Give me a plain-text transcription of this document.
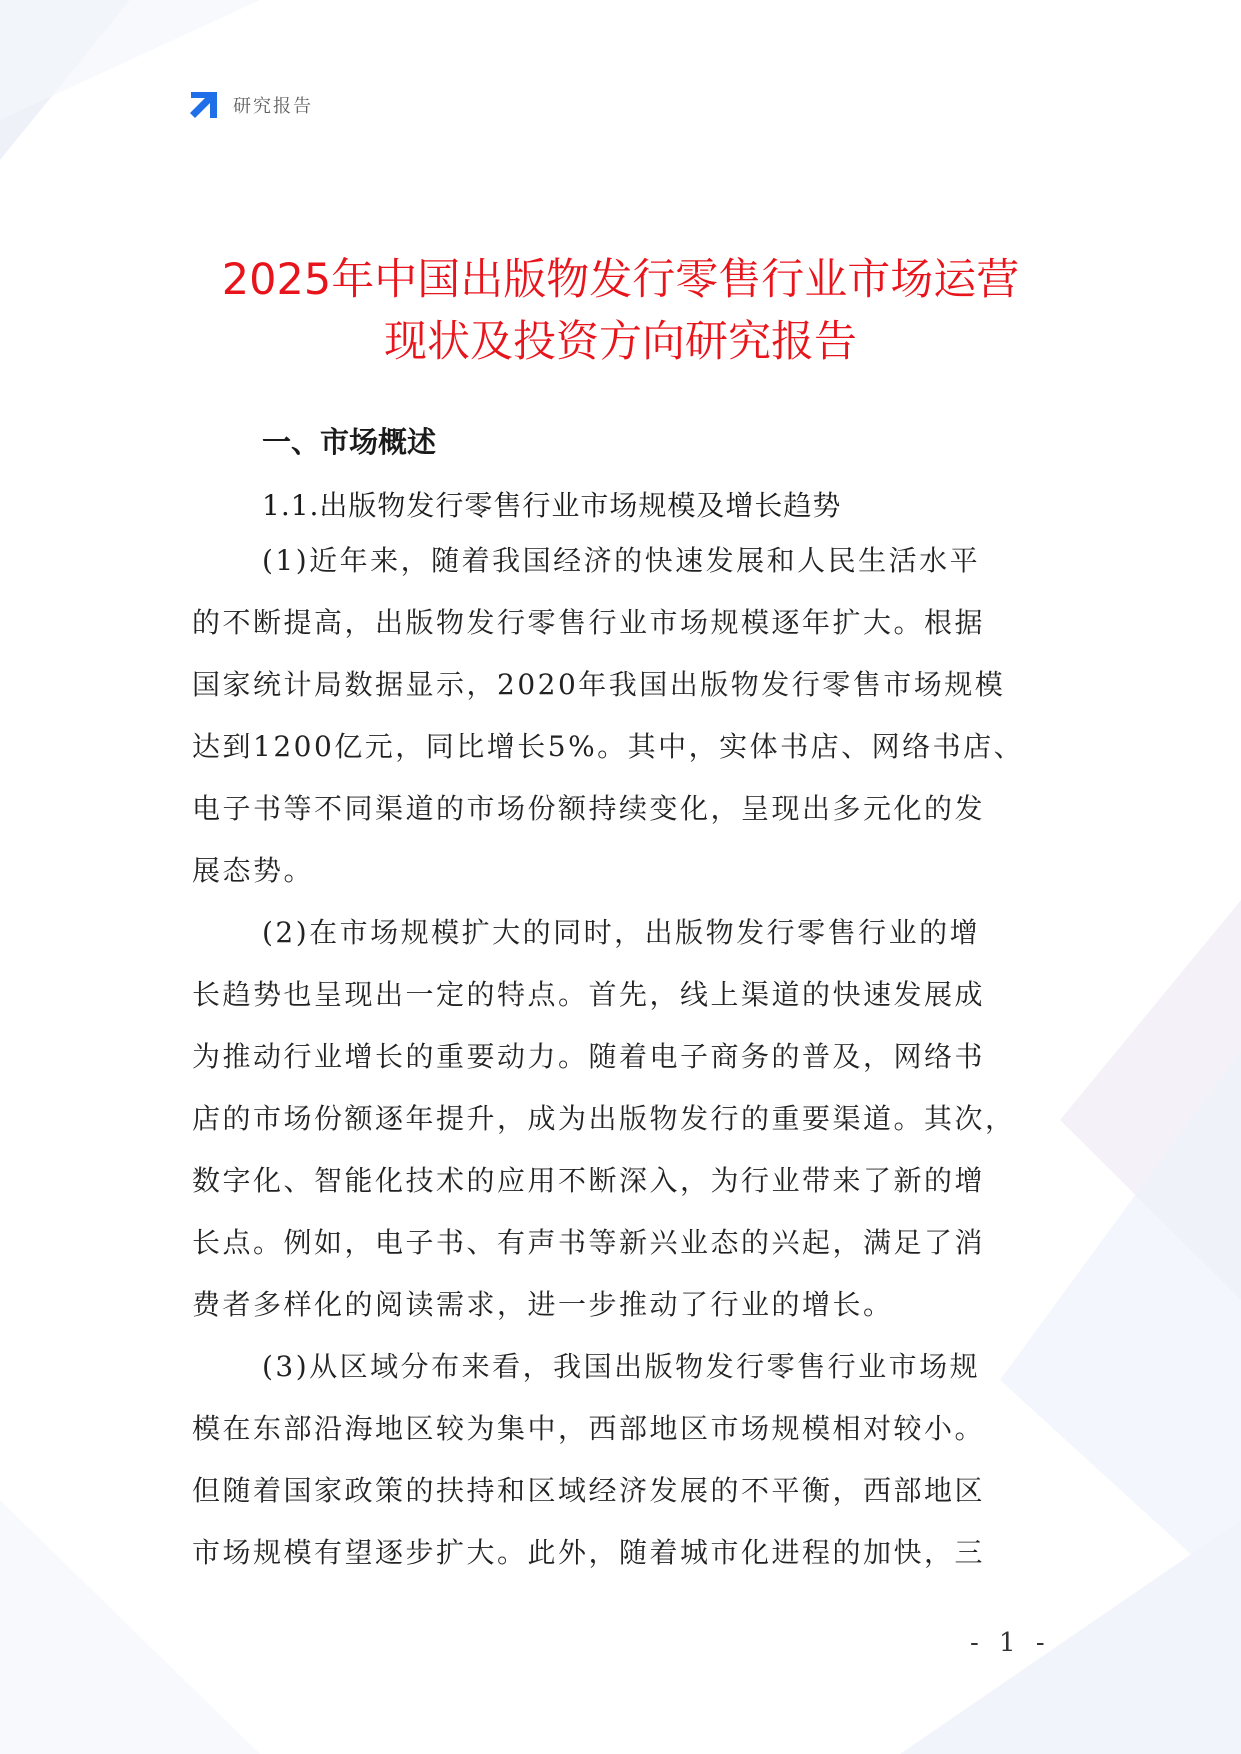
研究报告
2025年中国出版物发行零售行业市场运营
现状及投资方向研究报告
一、市场概述
1.1.出版物发行零售行业市场规模及增长趋势
(1)近年来，随着我国经济的快速发展和人民生活水平
的不断提高，出版物发行零售行业市场规模逐年扩大。根据
国家统计局数据显示，2020年我国出版物发行零售市场规模
达到1200亿元，同比增长5%。其中，实体书店、网络书店、
电子书等不同渠道的市场份额持续变化，呈现出多元化的发
展态势。
(2)在市场规模扩大的同时，出版物发行零售行业的增
长趋势也呈现出一定的特点。首先，线上渠道的快速发展成
为推动行业增长的重要动力。随着电子商务的普及，网络书
店的市场份额逐年提升，成为出版物发行的重要渠道。其次，
数字化、智能化技术的应用不断深入，为行业带来了新的增
长点。例如，电子书、有声书等新兴业态的兴起，满足了消
费者多样化的阅读需求，进一步推动了行业的增长。
(3)从区域分布来看，我国出版物发行零售行业市场规
模在东部沿海地区较为集中，西部地区市场规模相对较小。
但随着国家政策的扶持和区域经济发展的不平衡，西部地区
市场规模有望逐步扩大。此外，随着城市化进程的加快，三
- 1 -
